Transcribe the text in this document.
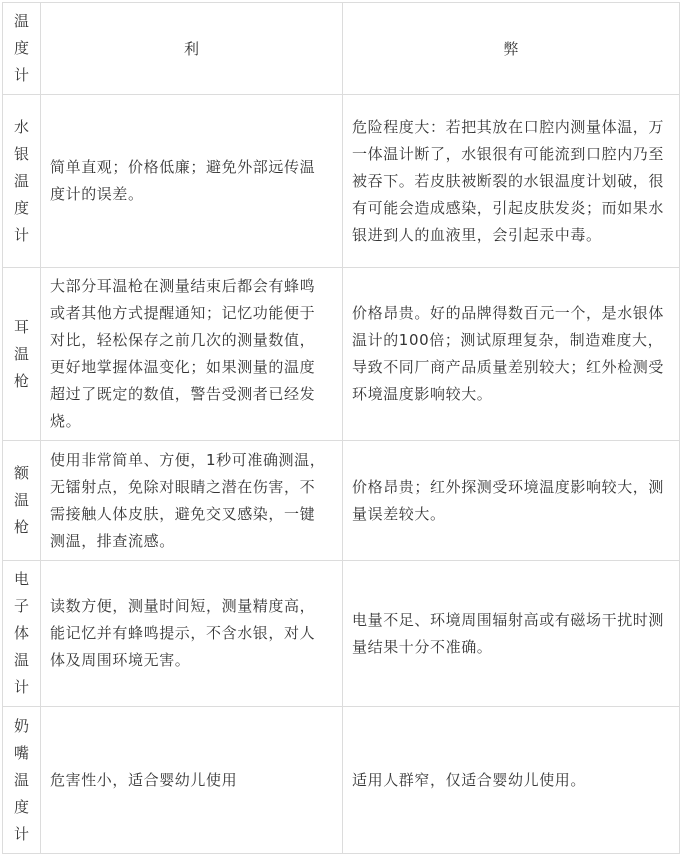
温度计	利	弊

水银温度计	简单直观；价格低廉；避免外部远传温度计的误差。	危险程度大：若把其放在口腔内测量体温，万一体温计断了，水银很有可能流到口腔内乃至被吞下。若皮肤被断裂的水银温度计划破，很有可能会造成感染，引起皮肤发炎；而如果水银进到人的血液里，会引起汞中毒。

耳温枪	大部分耳温枪在测量结束后都会有蜂鸣或者其他方式提醒通知；记忆功能便于对比，轻松保存之前几次的测量数值，更好地掌握体温变化；如果测量的温度超过了既定的数值，警告受测者已经发烧。	价格昂贵。好的品牌得数百元一个，是水银体温计的100倍；测试原理复杂，制造难度大，导致不同厂商产品质量差别较大；红外检测受环境温度影响较大。

额温枪	使用非常简单、方便，1秒可准确测温，无镭射点，免除对眼睛之潜在伤害，不需接触人体皮肤，避免交叉感染，一键测温，排查流感。	价格昂贵；红外探测受环境温度影响较大，测量误差较大。

电子体温计	读数方便，测量时间短，测量精度高，能记忆并有蜂鸣提示，不含水银，对人体及周围环境无害。	电量不足、环境周围辐射高或有磁场干扰时测量结果十分不准确。

奶嘴温度计	危害性小，适合婴幼儿使用	适用人群窄，仅适合婴幼儿使用。
